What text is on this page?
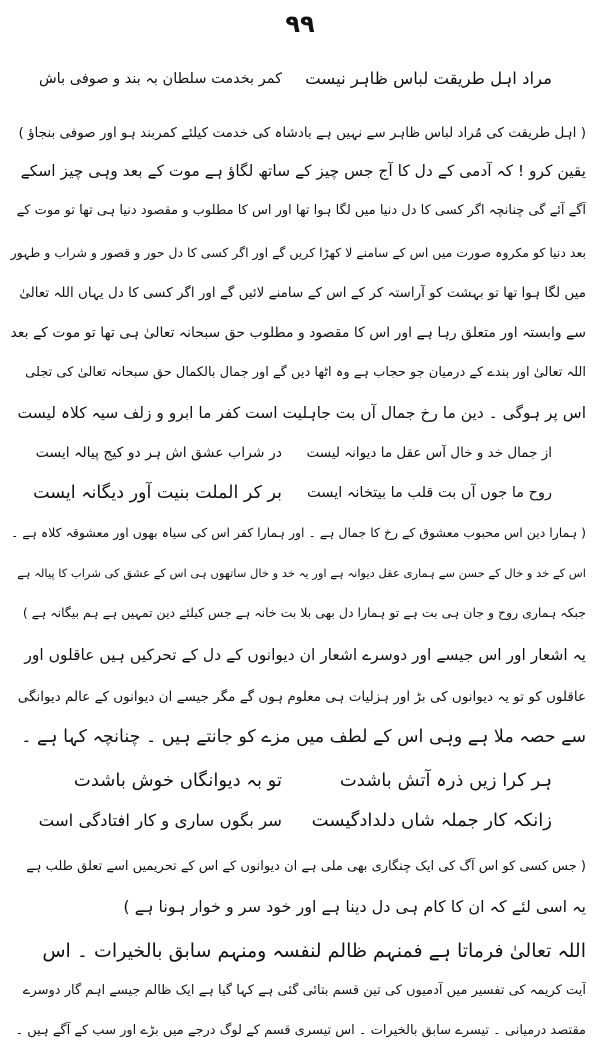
۹۹
مراد اہل طریقت لباس ظاہر نیست
کمر بخدمت سلطان بہ بند و صوفی باش
( اہل طریقت کی مُراد لباس ظاہر سے نہیں ہے بادشاہ کی خدمت کیلئے کمربند ہو اور صوفی بنجاؤ )
یقین کرو ! کہ آدمی کے دل کا آج جس چیز کے ساتھ لگاؤ ہے موت کے بعد وہی چیز اسکے
آگے آئے گی چنانچہ اگر کسی کا دل دنیا میں لگا ہوا تھا اور اس کا مطلوب و مقصود دنیا ہی تھا تو موت کے
بعد دنیا کو مکروہ صورت میں اس کے سامنے لا کھڑا کریں گے اور اگر کسی کا دل حور و قصور و شراب و طہور
میں لگا ہوا تھا تو بہشت کو آراستہ کر کے اس کے سامنے لائیں گے اور اگر کسی کا دل یہاں اللہ تعالیٰ
سے وابستہ اور متعلق رہا ہے اور اس کا مقصود و مطلوب حق سبحانہ تعالیٰ ہی تھا تو موت کے بعد
اللہ تعالیٰ اور بندے کے درمیان جو حجاب ہے وہ اٹھا دیں گے اور جمال بالکمال حق سبحانہ تعالیٰ کی تجلی
اس پر ہوگی ۔ دین ما رخ جمال آں بت جاہلیت است کفر ما ابرو و زلف سیہ کلاہ لیست
از جمال خد و خال آس عقل ما دیوانہ لیست
در شراب عشق اش ہر دو کیج پیالہ ایست
روح ما جوں آں بت قلب ما بیتخانہ ایست
بر کر الملت بنیت آور دیگانہ ایست
( ہمارا دین اس محبوب معشوق کے رخ کا جمال ہے ۔ اور ہمارا کفر اس کی سیاہ بھوں اور معشوقہ کلاہ ہے ۔
اس کے خد و خال کے حسن سے ہماری عقل دیوانہ ہے اور یہ خد و خال ساتھوں ہی اس کے عشق کی شراب کا پیالہ ہے
جبکہ ہماری روح و جان ہی بت ہے تو ہمارا دل بھی بلا بت خانہ ہے جس کیلئے دین تمہیں ہے ہم بیگانہ ہے )
یہ اشعار اور اس جیسے اور دوسرے اشعار ان دیوانوں کے دل کے تحرکیں ہیں عاقلوں اور
عاقلوں کو تو یہ دیوانوں کی بڑ اور ہزلیات ہی معلوم ہوں گے مگر جیسے ان دیوانوں کے عالم دیوانگی
سے حصہ ملا ہے وہی اس کے لطف میں مزے کو جانتے ہیں ۔ چنانچہ کہا ہے ۔
ہر کرا زیں ذرہ آتش باشدت
تو بہ دیوانگاں خوش باشدت
زانکہ کار جملہ شاں دلدادگیست
سر بگوں ساری و کار افتادگی است
( جس کسی کو اس آگ کی ایک چنگاری بھی ملی ہے ان دیوانوں کے اس کے تحریمیں اسے تعلق طلب ہے
یہ اسی لئے کہ ان کا کام ہی دل دینا ہے اور خود سر و خوار ہونا ہے )
اللہ تعالیٰ فرماتا ہے فمنہم ظالم لنفسہ ومنہم سابق بالخیرات ۔ اس
آیت کریمہ کی تفسیر میں آدمیوں کی تین قسم بتائی گئی ہے کہا گیا ہے ایک ظالم جیسے اہم گار دوسرے
مقتصد درمیانی ۔ تیسرے سابق بالخیرات ۔ اس تیسری قسم کے لوگ درجے میں بڑے اور سب کے آگے ہیں ۔
